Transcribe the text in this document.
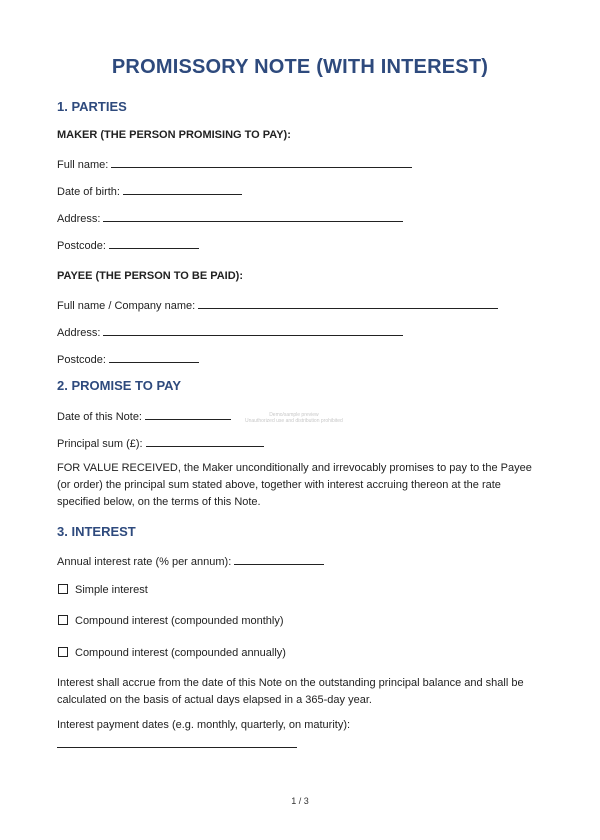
PROMISSORY NOTE (WITH INTEREST)
1. PARTIES
MAKER (THE PERSON PROMISING TO PAY):
Full name:
Date of birth:
Address:
Postcode:
PAYEE (THE PERSON TO BE PAID):
Full name / Company name:
Address:
Postcode:
2. PROMISE TO PAY
Date of this Note:
Principal sum (£):
FOR VALUE RECEIVED, the Maker unconditionally and irrevocably promises to pay to the Payee (or order) the principal sum stated above, together with interest accruing thereon at the rate specified below, on the terms of this Note.
3. INTEREST
Annual interest rate (% per annum):
Simple interest
Compound interest (compounded monthly)
Compound interest (compounded annually)
Interest shall accrue from the date of this Note on the outstanding principal balance and shall be calculated on the basis of actual days elapsed in a 365-day year.
Interest payment dates (e.g. monthly, quarterly, on maturity):
Demo/sample preview
Unauthorized use and distribution prohibited
1 / 3
